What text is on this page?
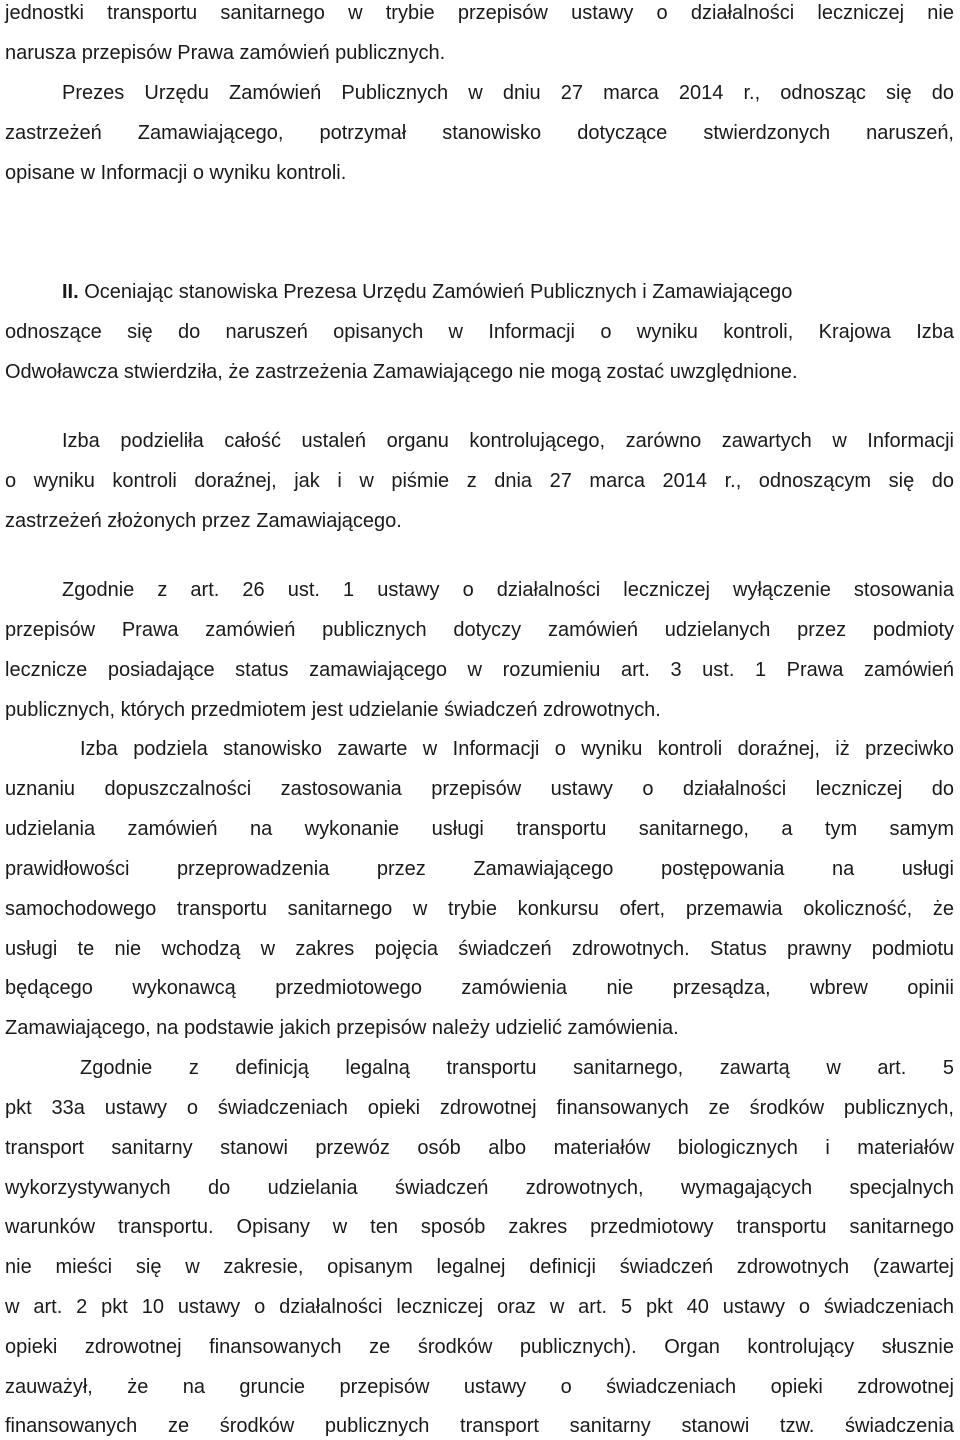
jednostki transportu sanitarnego w trybie przepisów ustawy o działalności leczniczej nie
narusza przepisów Prawa zamówień publicznych.
Prezes Urzędu Zamówień Publicznych w dniu 27 marca 2014 r., odnosząc się do
zastrzeżeń Zamawiającego, potrzymał stanowisko dotyczące stwierdzonych naruszeń,
opisane w Informacji o wyniku kontroli.
II. Oceniając stanowiska Prezesa Urzędu Zamówień Publicznych i Zamawiającego
odnoszące się do naruszeń opisanych w Informacji o wyniku kontroli, Krajowa Izba
Odwoławcza stwierdziła, że zastrzeżenia Zamawiającego nie mogą zostać uwzględnione.
Izba podzieliła całość ustaleń organu kontrolującego, zarówno zawartych w Informacji
o wyniku kontroli doraźnej, jak i w piśmie z dnia 27 marca 2014 r., odnoszącym się do
zastrzeżeń złożonych przez Zamawiającego.
Zgodnie z art. 26 ust. 1 ustawy o działalności leczniczej wyłączenie stosowania
przepisów Prawa zamówień publicznych dotyczy zamówień udzielanych przez podmioty
lecznicze posiadające status zamawiającego w rozumieniu art. 3 ust. 1 Prawa zamówień
publicznych, których przedmiotem jest udzielanie świadczeń zdrowotnych.
Izba podziela stanowisko zawarte w Informacji o wyniku kontroli doraźnej, iż przeciwko
uznaniu dopuszczalności zastosowania przepisów ustawy o działalności leczniczej do
udzielania zamówień na wykonanie usługi transportu sanitarnego, a tym samym
prawidłowości przeprowadzenia przez Zamawiającego postępowania na usługi
samochodowego transportu sanitarnego w trybie konkursu ofert, przemawia okoliczność, że
usługi te nie wchodzą w zakres pojęcia świadczeń zdrowotnych. Status prawny podmiotu
będącego wykonawcą przedmiotowego zamówienia nie przesądza, wbrew opinii
Zamawiającego, na podstawie jakich przepisów należy udzielić zamówienia.
Zgodnie z definicją legalną transportu sanitarnego, zawartą w art. 5
pkt 33a ustawy o świadczeniach opieki zdrowotnej finansowanych ze środków publicznych,
transport sanitarny stanowi przewóz osób albo materiałów biologicznych i materiałów
wykorzystywanych do udzielania świadczeń zdrowotnych, wymagających specjalnych
warunków transportu. Opisany w ten sposób zakres przedmiotowy transportu sanitarnego
nie mieści się w zakresie, opisanym legalnej definicji świadczeń zdrowotnych (zawartej
w art. 2 pkt 10 ustawy o działalności leczniczej oraz w art. 5 pkt 40 ustawy o świadczeniach
opieki zdrowotnej finansowanych ze środków publicznych). Organ kontrolujący słusznie
zauważył, że na gruncie przepisów ustawy o świadczeniach opieki zdrowotnej
finansowanych ze środków publicznych transport sanitarny stanowi tzw. świadczenia
